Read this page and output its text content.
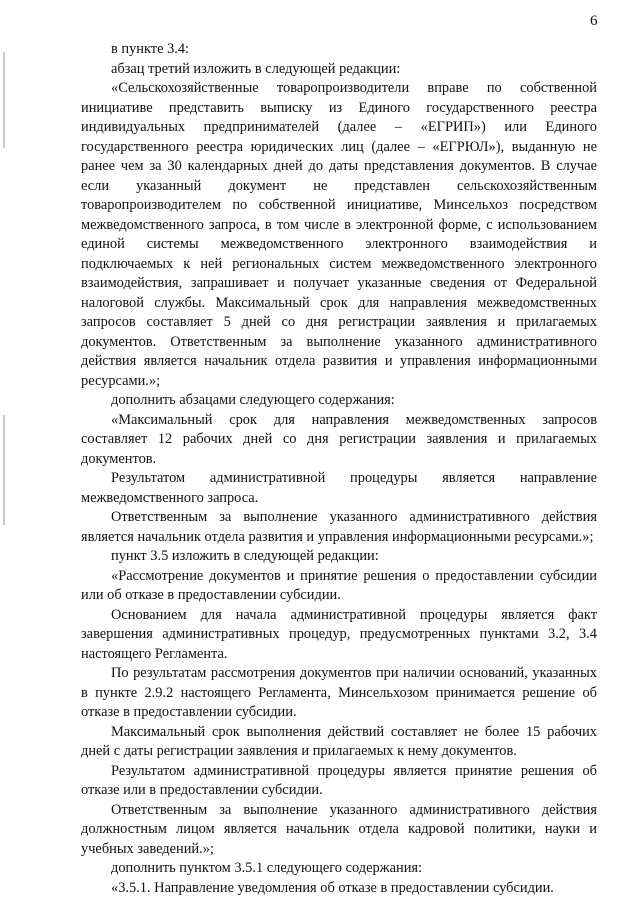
6

в пункте 3.4:

абзац третий изложить в следующей редакции:

«Сельскохозяйственные товаропроизводители вправе по собственной инициативе представить выписку из Единого государственного реестра индивидуальных предпринимателей (далее – «ЕГРИП») или Единого государственного реестра юридических лиц (далее – «ЕГРЮЛ»), выданную не ранее чем за 30 календарных дней до даты представления документов. В случае если указанный документ не представлен сельскохозяйственным товаропроизводителем по собственной инициативе, Минсельхоз посредством межведомственного запроса, в том числе в электронной форме, с использованием единой системы межведомственного электронного взаимодействия и подключаемых к ней региональных систем межведомственного электронного взаимодействия, запрашивает и получает указанные сведения от Федеральной налоговой службы. Максимальный срок для направления межведомственных запросов составляет 5 дней со дня регистрации заявления и прилагаемых документов. Ответственным за выполнение указанного административного действия является начальник отдела развития и управления информационными ресурсами.»;

дополнить абзацами следующего содержания:

«Максимальный срок для направления межведомственных запросов составляет 12 рабочих дней со дня регистрации заявления и прилагаемых документов.

Результатом административной процедуры является направление межведомственного запроса.

Ответственным за выполнение указанного административного действия является начальник отдела развития и управления информационными ресурсами.»;

пункт 3.5 изложить в следующей редакции:

«Рассмотрение документов и принятие решения о предоставлении субсидии или об отказе в предоставлении субсидии.

Основанием для начала административной процедуры является факт завершения административных процедур, предусмотренных пунктами 3.2, 3.4 настоящего Регламента.

По результатам рассмотрения документов при наличии оснований, указанных в пункте 2.9.2 настоящего Регламента, Минсельхозом принимается решение об отказе в предоставлении субсидии.

Максимальный срок выполнения действий составляет не более 15 рабочих дней с даты регистрации заявления и прилагаемых к нему документов.

Результатом административной процедуры является принятие решения об отказе или в предоставлении субсидии.

Ответственным за выполнение указанного административного действия должностным лицом является начальник отдела кадровой политики, науки и учебных заведений.»;

дополнить пунктом 3.5.1 следующего содержания:

«3.5.1. Направление уведомления об отказе в предоставлении субсидии.
